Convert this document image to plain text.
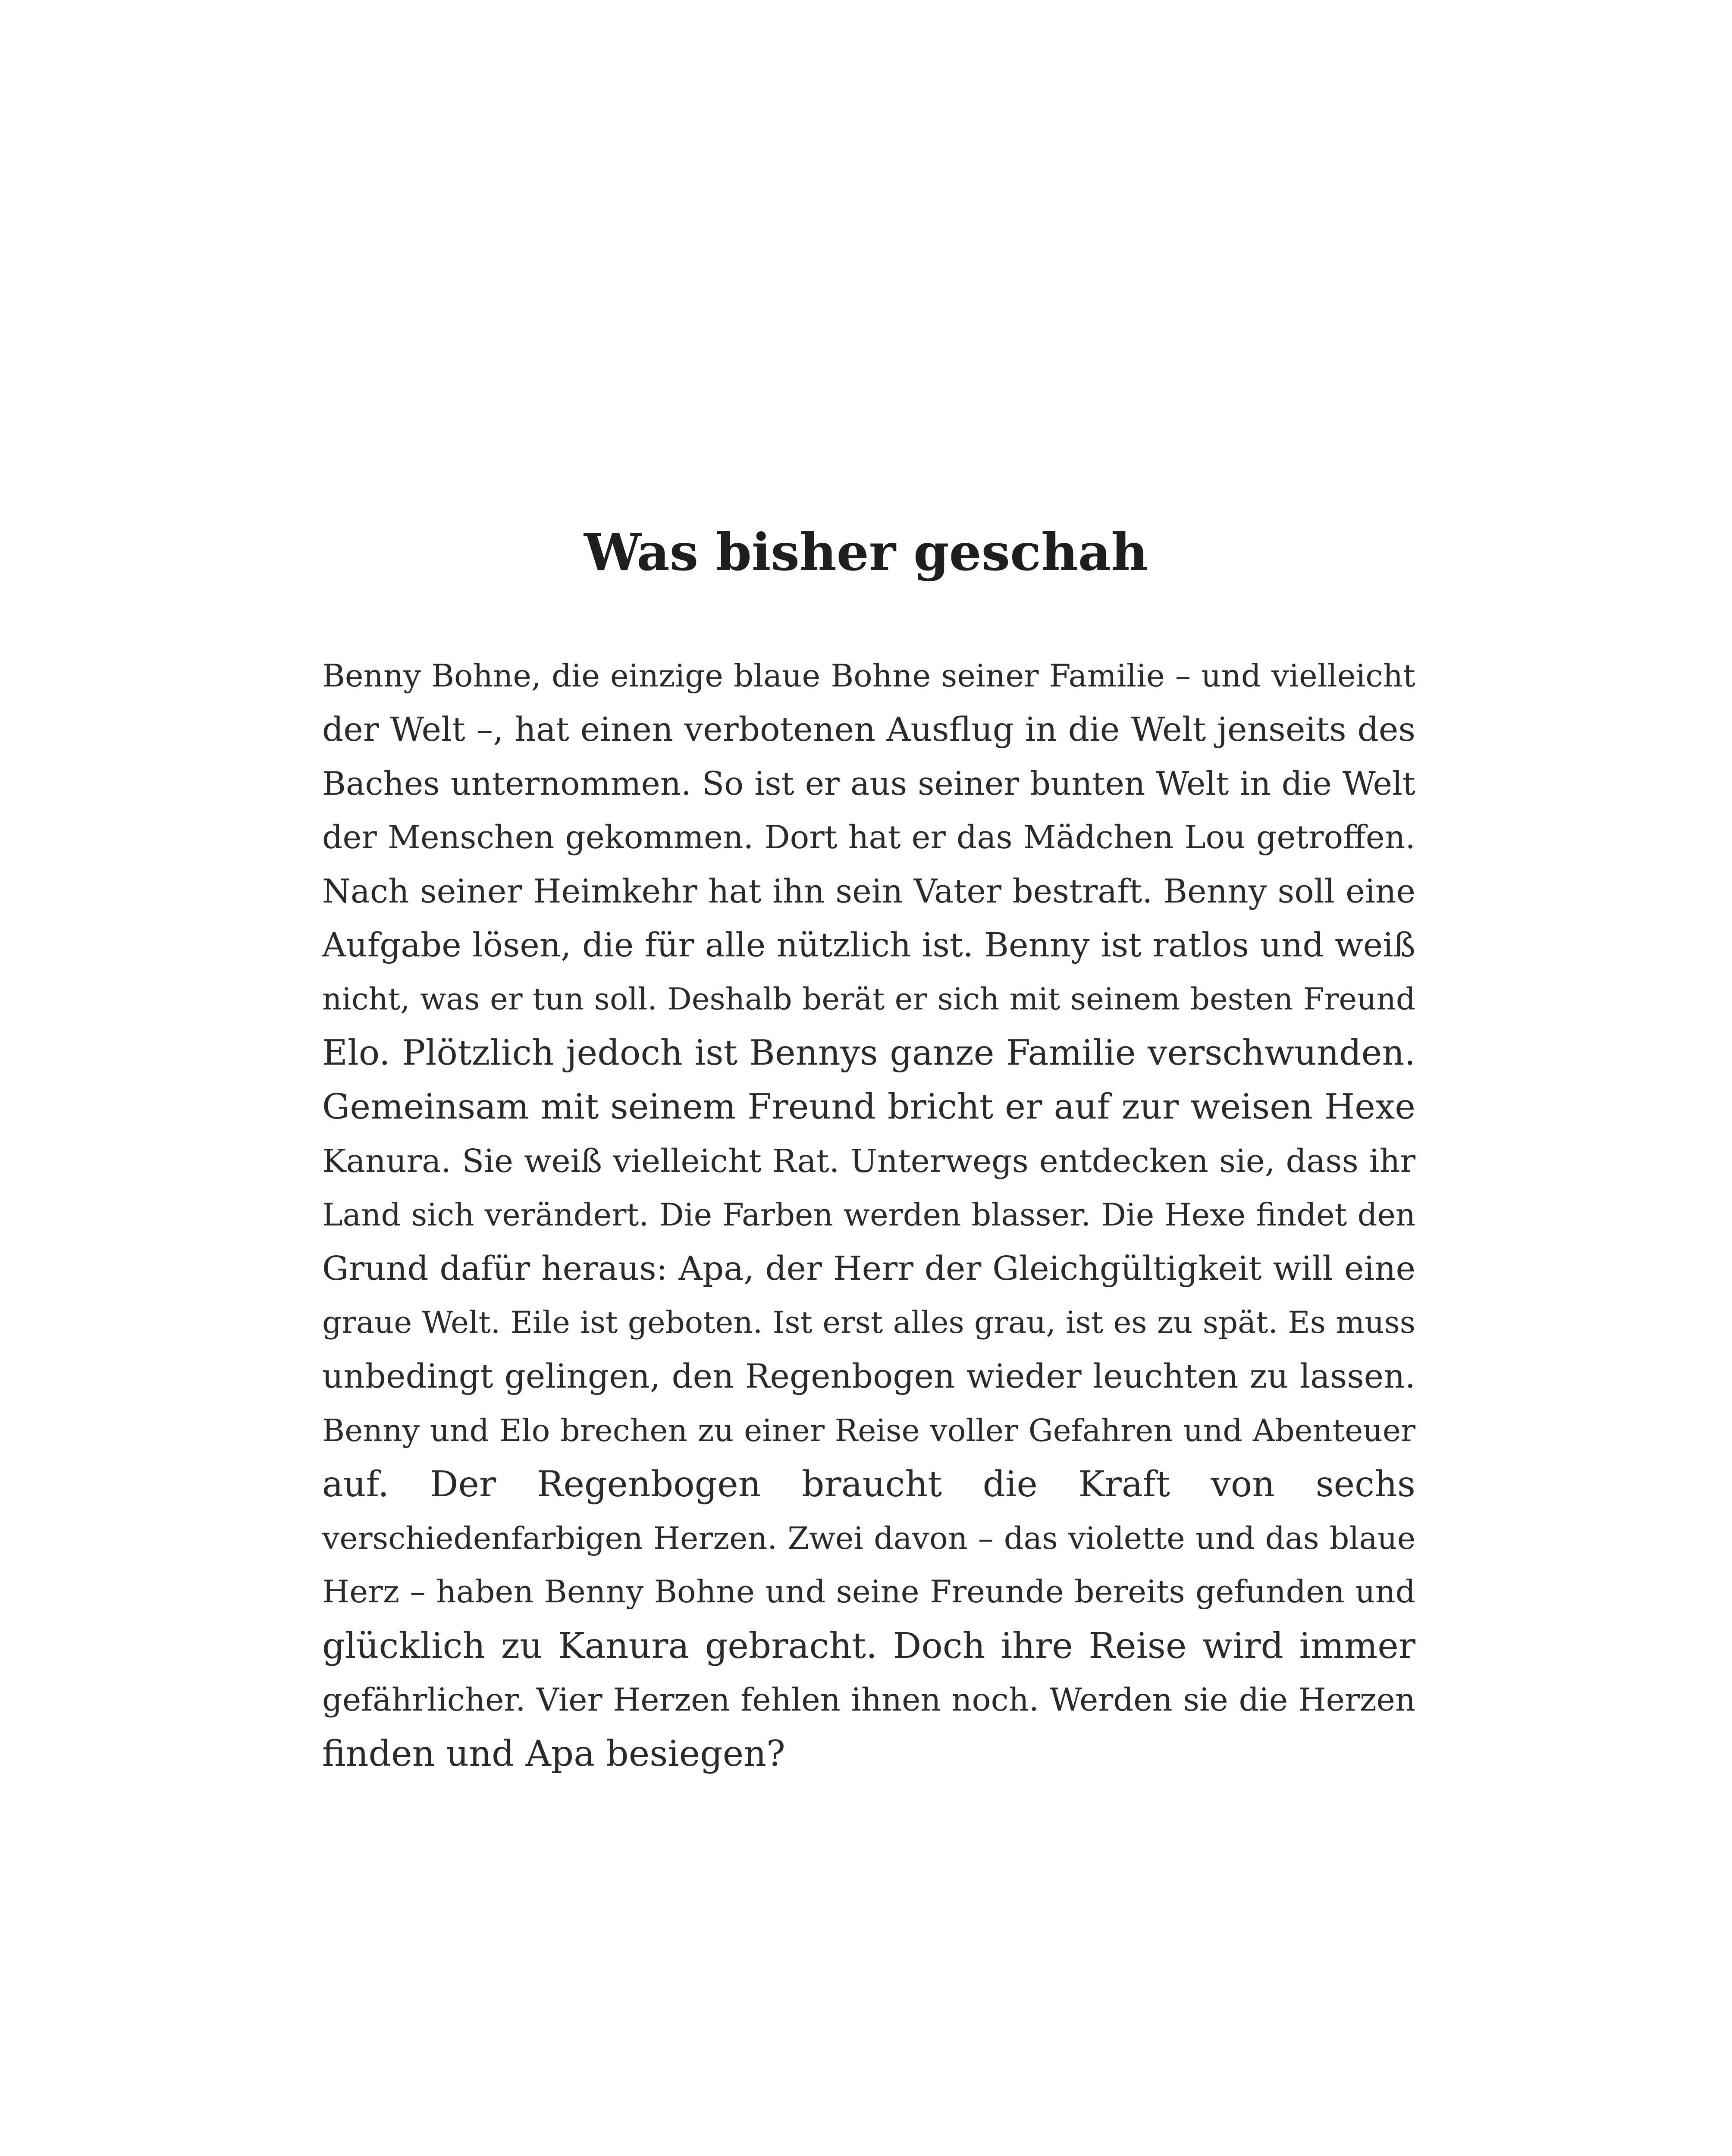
Was bisher geschah
Benny Bohne, die einzige blaue Bohne seiner Familie – und vielleicht
der Welt –, hat einen verbotenen Ausflug in die Welt jenseits des
Baches unternommen. So ist er aus seiner bunten Welt in die Welt
der Menschen gekommen. Dort hat er das Mädchen Lou getroffen.
Nach seiner Heimkehr hat ihn sein Vater bestraft. Benny soll eine
Aufgabe lösen, die für alle nützlich ist. Benny ist ratlos und weiß
nicht, was er tun soll. Deshalb berät er sich mit seinem besten Freund
Elo. Plötzlich jedoch ist Bennys ganze Familie verschwunden.
Gemeinsam mit seinem Freund bricht er auf zur weisen Hexe
Kanura. Sie weiß vielleicht Rat. Unterwegs entdecken sie, dass ihr
Land sich verändert. Die Farben werden blasser. Die Hexe findet den
Grund dafür heraus: Apa, der Herr der Gleichgültigkeit will eine
graue Welt. Eile ist geboten. Ist erst alles grau, ist es zu spät. Es muss
unbedingt gelingen, den Regenbogen wieder leuchten zu lassen.
Benny und Elo brechen zu einer Reise voller Gefahren und Abenteuer
auf. Der Regenbogen braucht die Kraft von sechs
verschiedenfarbigen Herzen. Zwei davon – das violette und das blaue
Herz – haben Benny Bohne und seine Freunde bereits gefunden und
glücklich zu Kanura gebracht. Doch ihre Reise wird immer
gefährlicher. Vier Herzen fehlen ihnen noch. Werden sie die Herzen
finden und Apa besiegen?
